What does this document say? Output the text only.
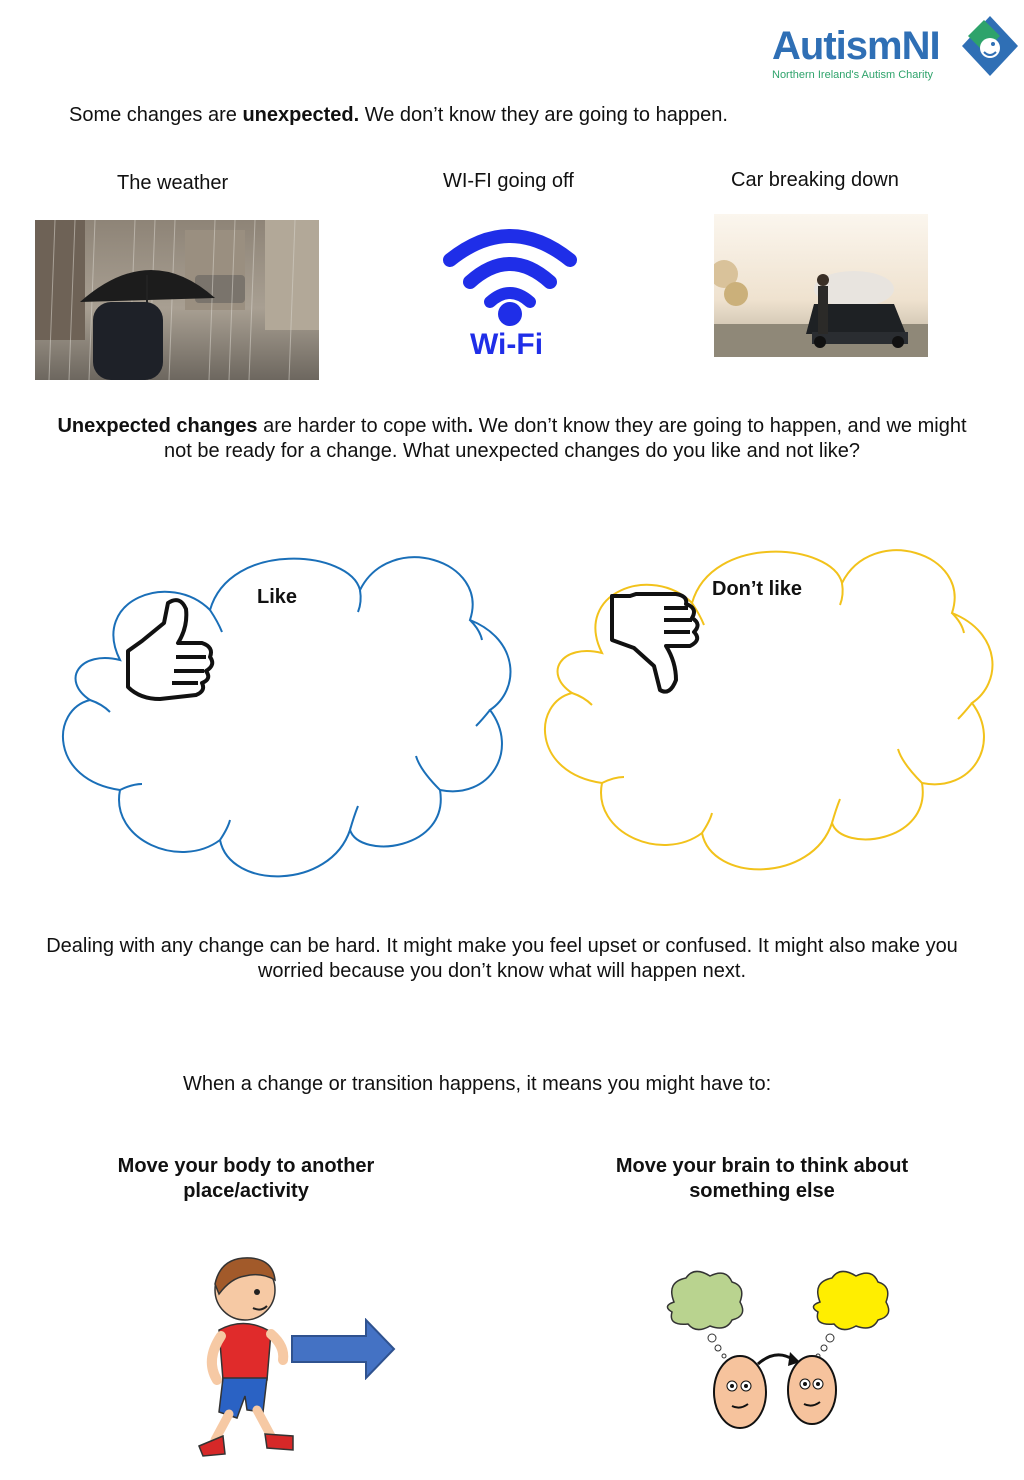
AutismNI
Northern Ireland's Autism Charity
Some changes are unexpected. We don’t know they are going to happen.
The weather	WI-FI going off	Car breaking down
Wi-Fi
Unexpected changes are harder to cope with. We don’t know they are going to happen, and we might
not be ready for a change. What unexpected changes do you like and not like?
Like	Don’t like
Dealing with any change can be hard. It might make you feel upset or confused. It might also make you
worried because you don’t know what will happen next.
When a change or transition happens, it means you might have to:
Move your body to another
place/activity
Move your brain to think about
something else
